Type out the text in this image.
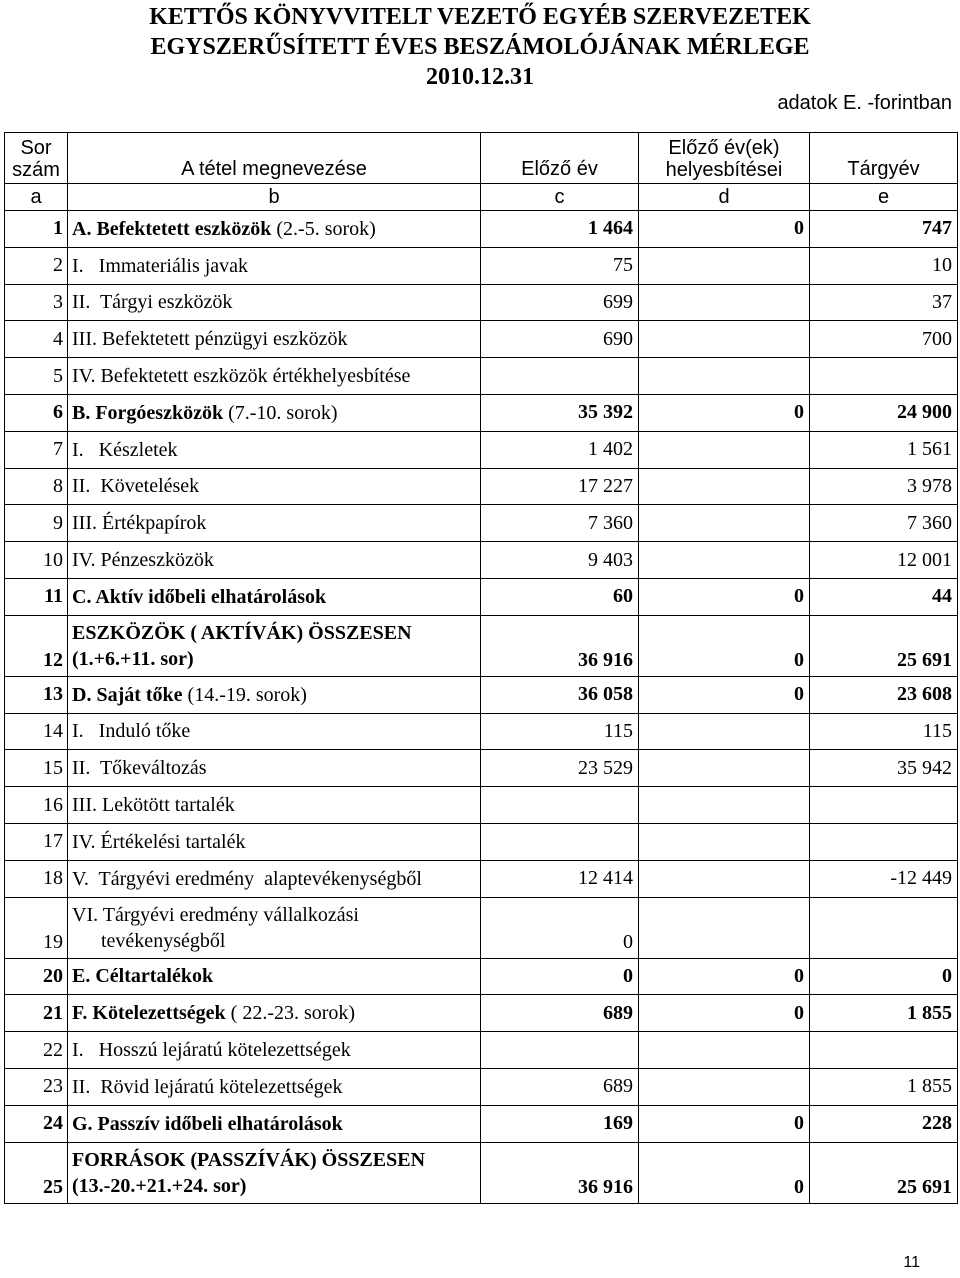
KETTŐS KÖNYVVITELT VEZETŐ EGYÉB SZERVEZETEK
EGYSZERŰSÍTETT ÉVES BESZÁMOLÓJÁNAK MÉRLEGE
2010.12.31
adatok E. -forintban
Sor
szám	A tétel megnevezése	Előző év	Előző év(ek)
helyesbítései	Tárgyév
a	b	c	d	e
1	A. Befektetett eszközök (2.-5. sorok)	1 464	0	747
2	I.   Immateriális javak	75		10
3	II.  Tárgyi eszközök	699		37
4	III. Befektetett pénzügyi eszközök	690		700
5	IV. Befektetett eszközök értékhelyesbítése			
6	B. Forgóeszközök (7.-10. sorok)	35 392	0	24 900
7	I.   Készletek	1 402		1 561
8	II.  Követelések	17 227		3 978
9	III. Értékpapírok	7 360		7 360
10	IV. Pénzeszközök	9 403		12 001
11	C. Aktív időbeli elhatárolások	60	0	44
12	ESZKÖZÖK ( AKTÍVÁK) ÖSSZESEN (1.+6.+11. sor)	36 916	0	25 691
13	D. Saját tőke (14.-19. sorok)	36 058	0	23 608
14	I.   Induló tőke	115		115
15	II.  Tőkeváltozás	23 529		35 942
16	III. Lekötött tartalék			
17	IV. Értékelési tartalék			
18	V.  Tárgyévi eredmény  alaptevékenységből	12 414		-12 449
19	VI. Tárgyévi eredmény vállalkozási
tevékenységből	0		
20	E. Céltartalékok	0	0	0
21	F. Kötelezettségek ( 22.-23. sorok)	689	0	1 855
22	I.   Hosszú lejáratú kötelezettségek			
23	II.  Rövid lejáratú kötelezettségek	689		1 855
24	G. Passzív időbeli elhatárolások	169	0	228
25	FORRÁSOK (PASSZÍVÁK) ÖSSZESEN (13.-20.+21.+24. sor)	36 916	0	25 691
11
